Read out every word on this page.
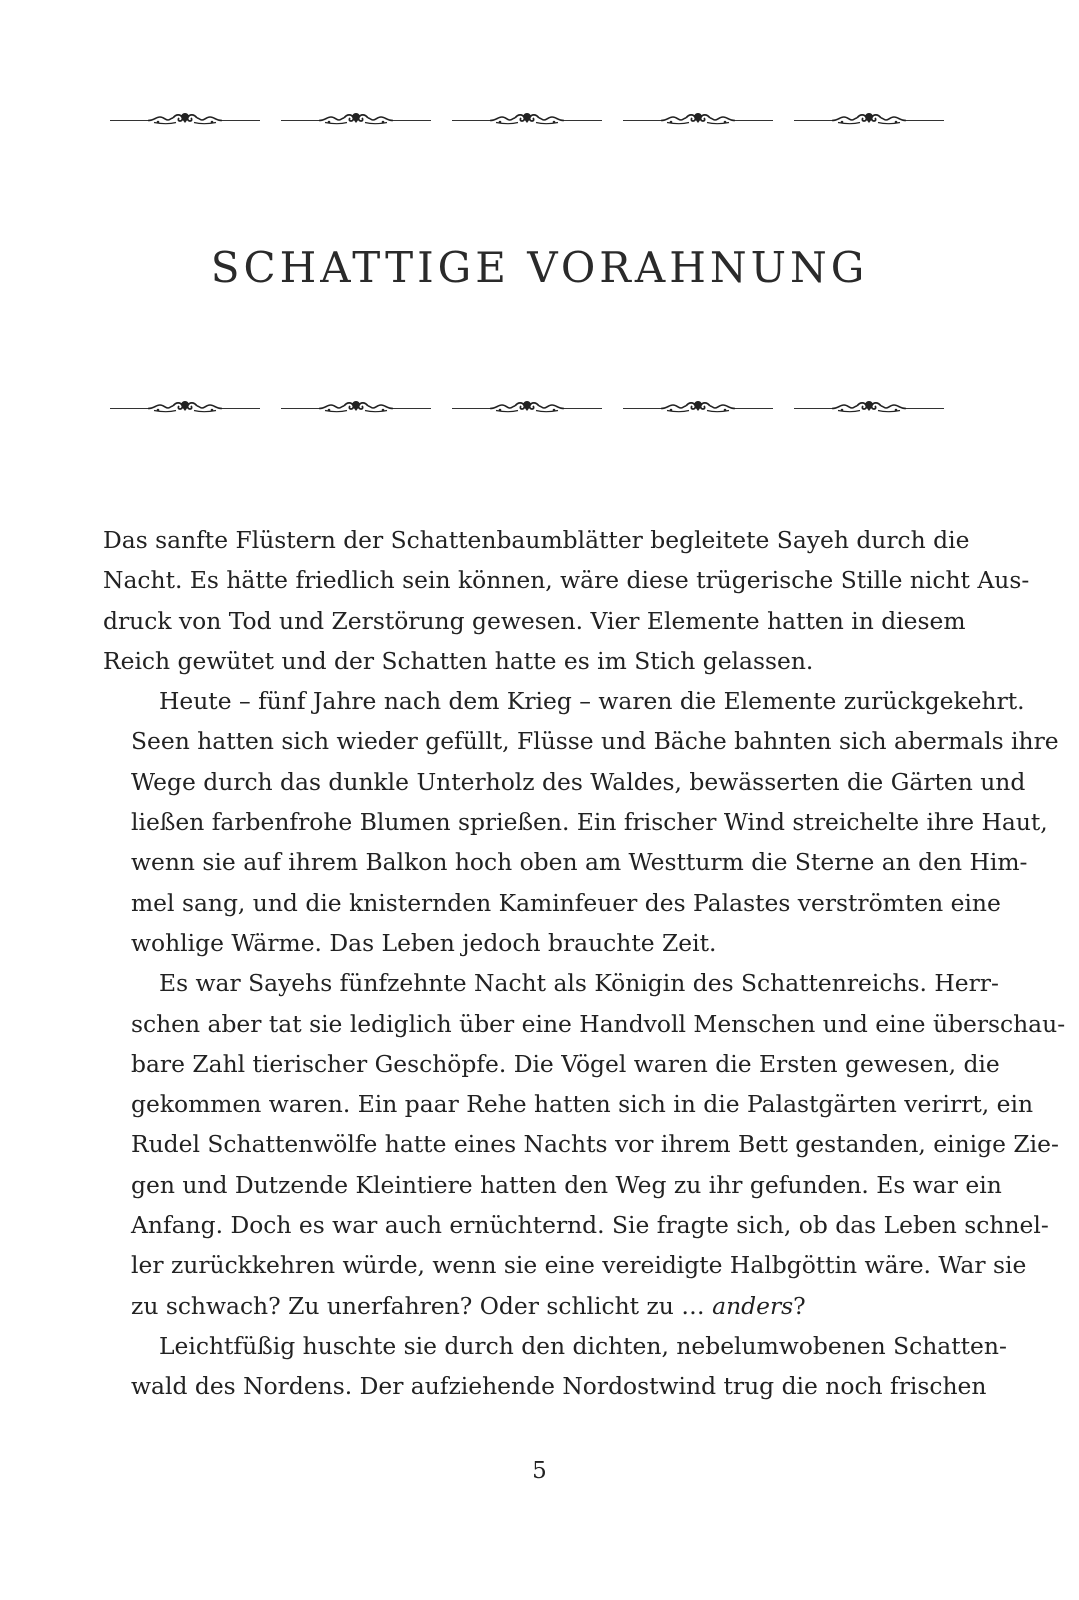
SCHATTIGE VORAHNUNG

Das sanfte Flüstern der Schattenbaumblätter begleitete Sayeh durch die
Nacht. Es hätte friedlich sein können, wäre diese trügerische Stille nicht Aus-
druck von Tod und Zerstörung gewesen. Vier Elemente hatten in diesem
Reich gewütet und der Schatten hatte es im Stich gelassen.

Heute – fünf Jahre nach dem Krieg – waren die Elemente zurückgekehrt.
Seen hatten sich wieder gefüllt, Flüsse und Bäche bahnten sich abermals ihre
Wege durch das dunkle Unterholz des Waldes, bewässerten die Gärten und
ließen farbenfrohe Blumen sprießen. Ein frischer Wind streichelte ihre Haut,
wenn sie auf ihrem Balkon hoch oben am Westturm die Sterne an den Him-
mel sang, und die knisternden Kaminfeuer des Palastes verströmten eine
wohlige Wärme. Das Leben jedoch brauchte Zeit.

Es war Sayehs fünfzehnte Nacht als Königin des Schattenreichs. Herr-
schen aber tat sie lediglich über eine Handvoll Menschen und eine überschau-
bare Zahl tierischer Geschöpfe. Die Vögel waren die Ersten gewesen, die
gekommen waren. Ein paar Rehe hatten sich in die Palastgärten verirrt, ein
Rudel Schattenwölfe hatte eines Nachts vor ihrem Bett gestanden, einige Zie-
gen und Dutzende Kleintiere hatten den Weg zu ihr gefunden. Es war ein
Anfang. Doch es war auch ernüchternd. Sie fragte sich, ob das Leben schnel-
ler zurückkehren würde, wenn sie eine vereidigte Halbgöttin wäre. War sie
zu schwach? Zu unerfahren? Oder schlicht zu … anders?

Leichtfüßig huschte sie durch den dichten, nebelumwobenen Schatten-
wald des Nordens. Der aufziehende Nordostwind trug die noch frischen

5
